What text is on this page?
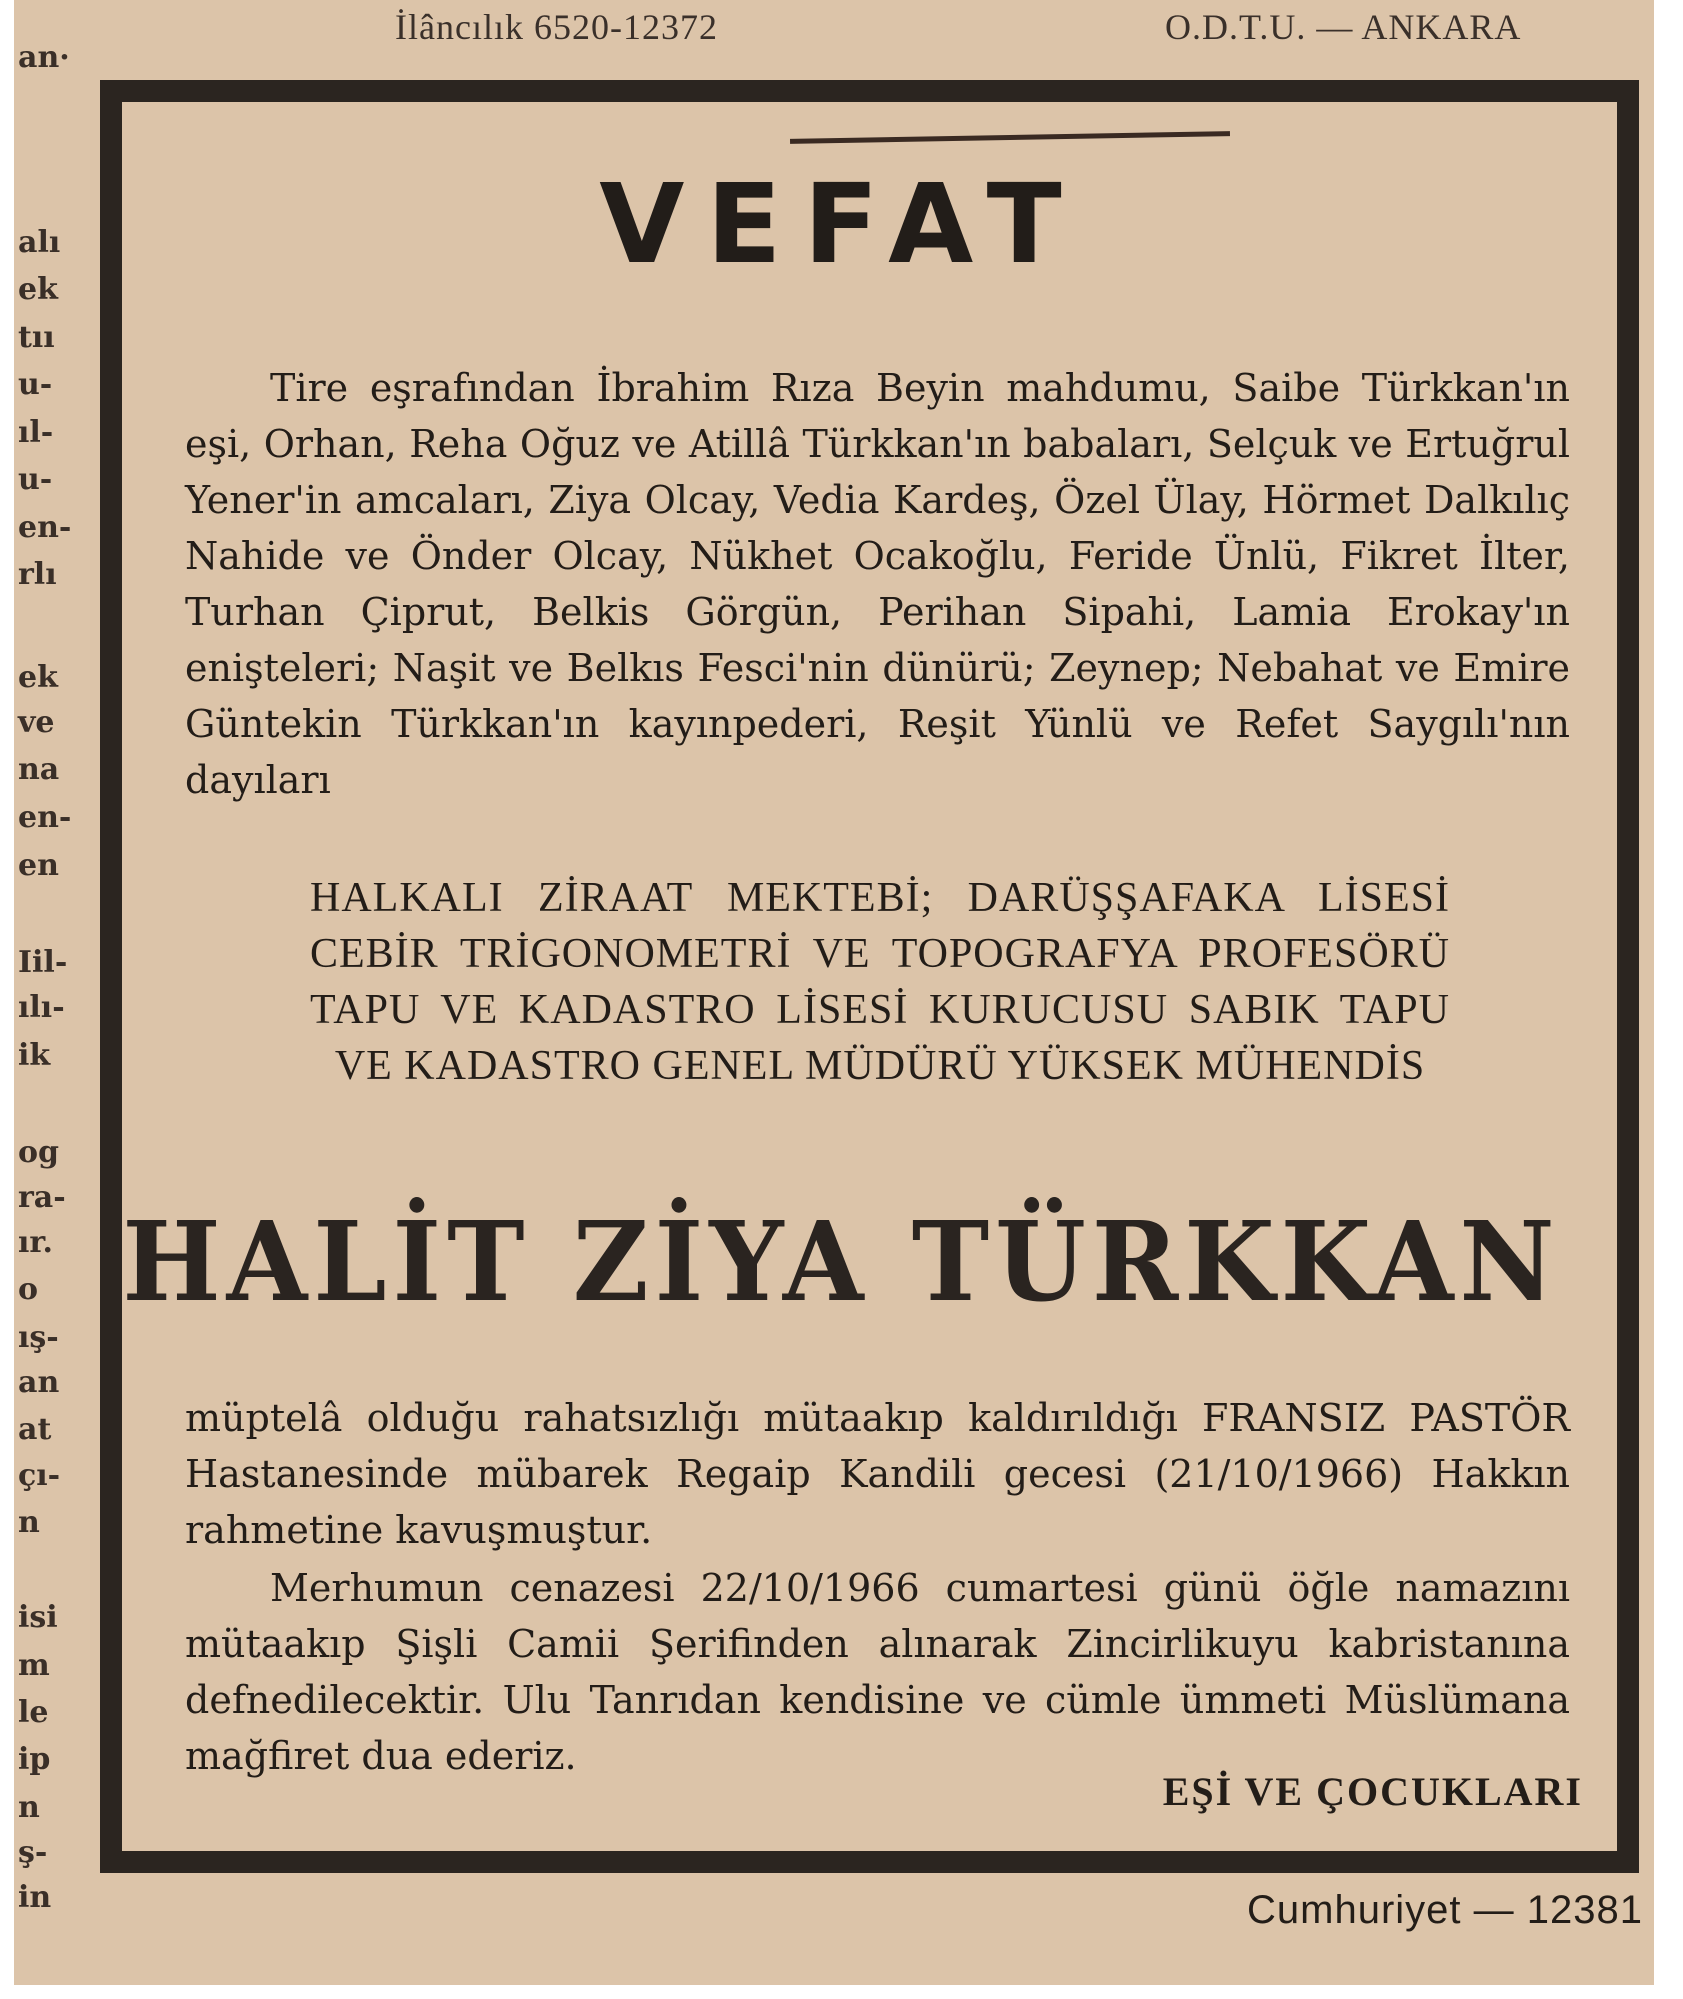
İlâncılık 6520-12372	O.D.T.U. — ANKARA
an·
alı
ek
tıı
u-
ıl-
u-
en-
rlı
ek
ve
na
en-
en
Iil-
ılı-
ik
og
ra-
ır.
o
ış-
an
at
çı-
n
isi
m
le
ip
n
ş-
in
VEFAT
Tire eşrafından İbrahim Rıza Beyin mahdumu, Saibe Türkkan'ın eşi, Orhan, Reha Oğuz ve Atillâ Türkkan'ın babaları, Selçuk ve Ertuğrul Yener'in amcaları, Ziya Olcay, Vedia Kardeş, Özel Ülay, Hörmet Dalkılıç Nahide ve Önder Olcay, Nükhet Ocakoğlu, Feride Ünlü, Fikret İlter, Turhan Çiprut, Belkis Görgün, Perihan Sipahi, Lamia Erokay'ın enişteleri; Naşit ve Belkıs Fesci'nin dünürü; Zeynep; Nebahat ve Emire Güntekin Türkkan'ın kayınpederi, Reşit Yünlü ve Refet Saygılı'nın dayıları
HALKALI ZİRAAT MEKTEBİ; DARÜŞŞAFAKA LİSESİ CEBİR TRİGONOMETRİ VE TOPOGRAFYA PROFESÖRÜ TAPU VE KADASTRO LİSESİ KURUCUSU SABIK TAPU VE KADASTRO GENEL MÜDÜRÜ YÜKSEK MÜHENDİS
HALİT ZİYA TÜRKKAN
müptelâ olduğu rahatsızlığı mütaakıp kaldırıldığı FRANSIZ PASTÖR Hastanesinde mübarek Regaip Kandili gecesi (21/10/1966) Hakkın rahmetine kavuşmuştur.
Merhumun cenazesi 22/10/1966 cumartesi günü öğle namazını mütaakıp Şişli Camii Şerifinden alınarak Zincirlikuyu kabristanına defnedilecektir. Ulu Tanrıdan kendisine ve cümle ümmeti Müslümana mağfiret dua ederiz.
EŞİ VE ÇOCUKLARI
Cumhuriyet — 12381
